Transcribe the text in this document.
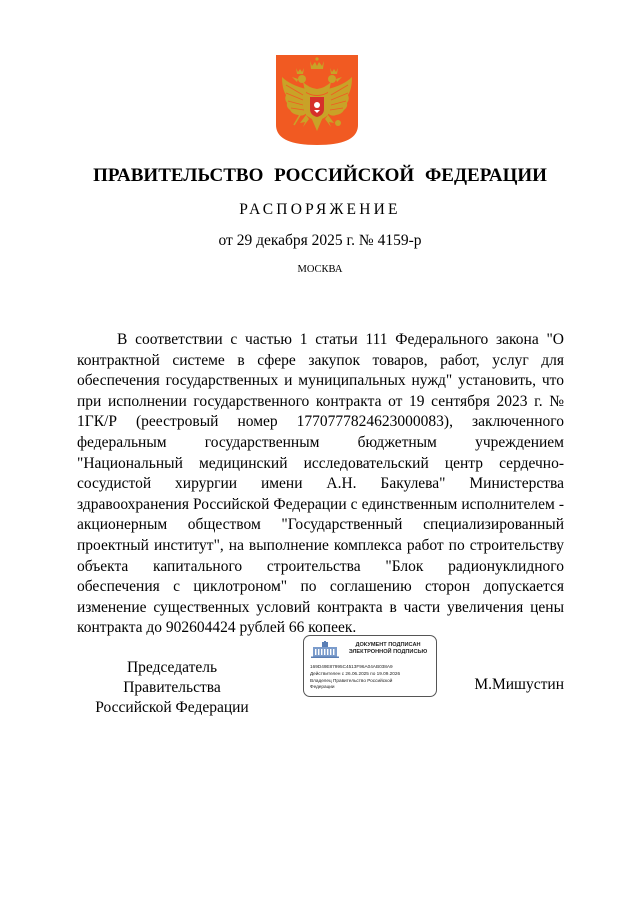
ПРАВИТЕЛЬСТВО РОССИЙСКОЙ ФЕДЕРАЦИИ
РАСПОРЯЖЕНИЕ
от 29 декабря 2025 г. № 4159-р
МОСКВА

В соответствии с частью 1 статьи 111 Федерального закона "О контрактной системе в сфере закупок товаров, работ, услуг для обеспечения государственных и муниципальных нужд" установить, что при исполнении государственного контракта от 19 сентября 2023 г. № 1ГК/Р (реестровый номер 1770777824623000083), заключенного федеральным государственным бюджетным учреждением "Национальный медицинский исследовательский центр сердечно-сосудистой хирургии имени А.Н. Бакулева" Министерства здравоохранения Российской Федерации с единственным исполнителем - акционерным обществом "Государственный специализированный проектный институт", на выполнение комплекса работ по строительству объекта капитального строительства "Блок радионуклидного обеспечения с циклотроном" по соглашению сторон допускается изменение существенных условий контракта в части увеличения цены контракта до 902604424 рублей 66 копеек.

Председатель Правительства
Российской Федерации
ДОКУМЕНТ ПОДПИСАН
ЭЛЕКТРОННОЙ ПОДПИСЬЮ
169D49E87995C4513F96A04AB038A9
Действителен с 26.06.2025 по 19.09.2026
Владелец Правительство Российской
Федерации	М.Мишустин
